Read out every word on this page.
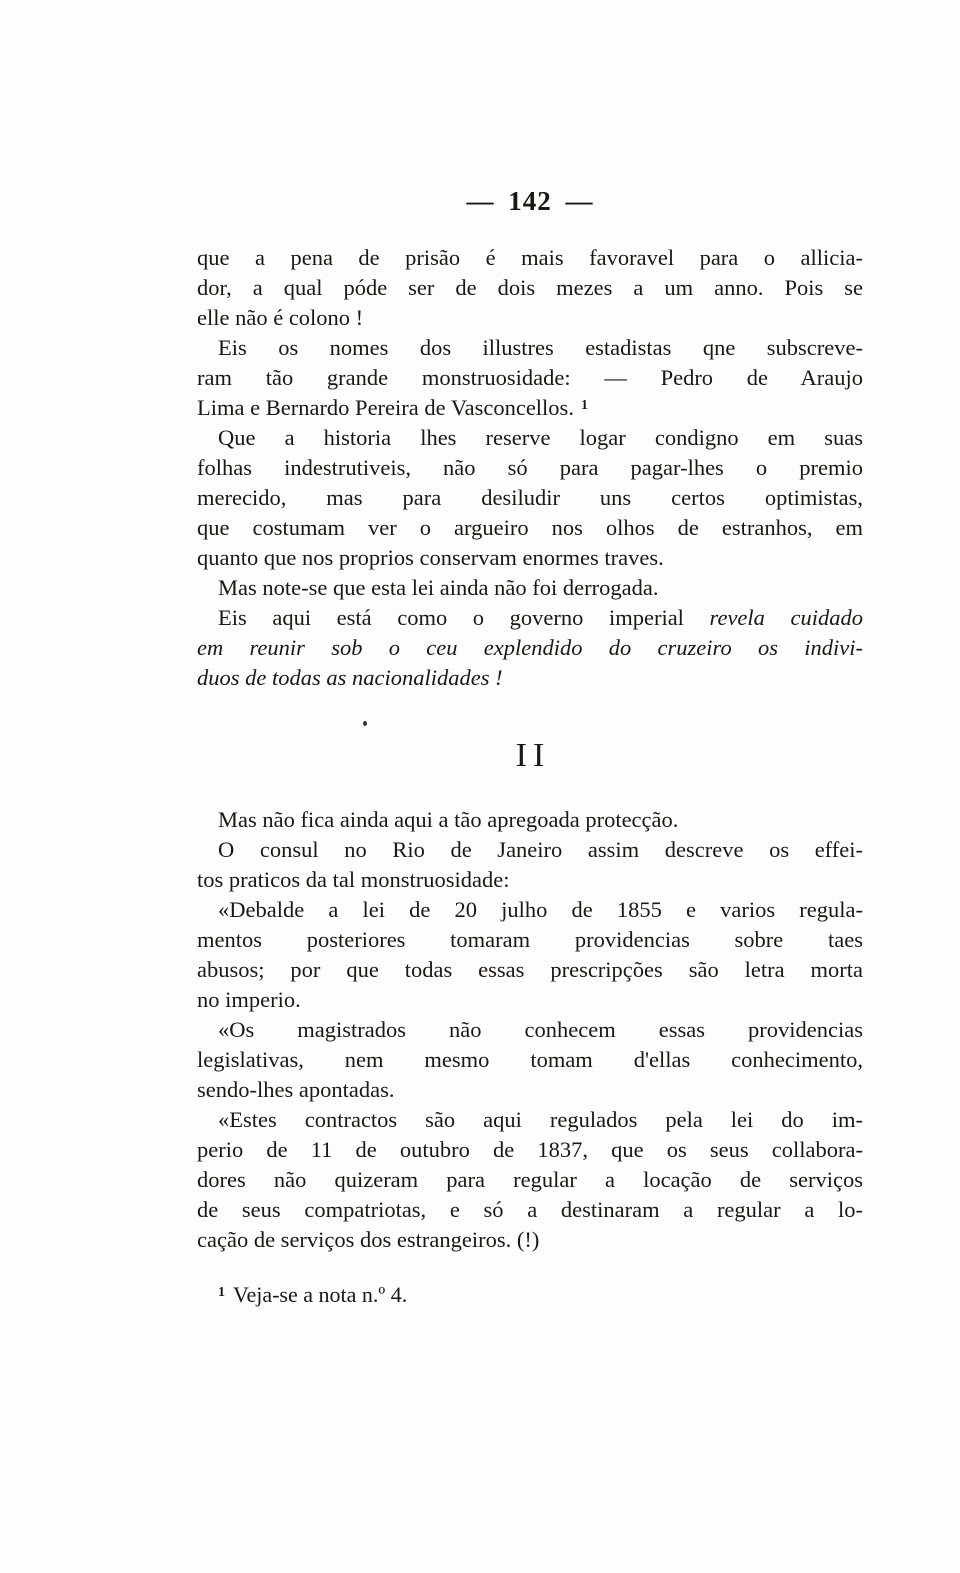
— 142 —
que a pena de prisão é mais favoravel para o allicia-
dor, a qual póde ser de dois mezes a um anno. Pois se
elle não é colono !
Eis os nomes dos illustres estadistas qne subscreve-
ram tão grande monstruosidade: — Pedro de Araujo
Lima e Bernardo Pereira de Vasconcellos. $^1$
Que a historia lhes reserve logar condigno em suas
folhas indestrutiveis, não só para pagar-lhes o premio
merecido, mas para desiludir uns certos optimistas,
que costumam ver o argueiro nos olhos de estranhos, em
quanto que nos proprios conservam enormes traves.
Mas note-se que esta lei ainda não foi derrogada.
Eis aqui está como o governo imperial revela cuidado
em reunir sob o ceu explendido do cruzeiro os indivi-
duos de todas as nacionalidades !
II
Mas não fica ainda aqui a tão apregoada protecção.
O consul no Rio de Janeiro assim descreve os effei-
tos praticos da tal monstruosidade:
«Debalde a lei de 20 julho de 1855 e varios regula-
mentos posteriores tomaram providencias sobre taes
abusos; por que todas essas prescripções são letra morta
no imperio.
«Os magistrados não conhecem essas providencias
legislativas, nem mesmo tomam d'ellas conhecimento,
sendo-lhes apontadas.
«Estes contractos são aqui regulados pela lei do im-
perio de 11 de outubro de 1837, que os seus collabora-
dores não quizeram para regular a locação de serviços
de seus compatriotas, e só a destinaram a regular a lo-
cação de serviços dos estrangeiros. (!)
$^1$ Veja-se a nota n.º 4.
